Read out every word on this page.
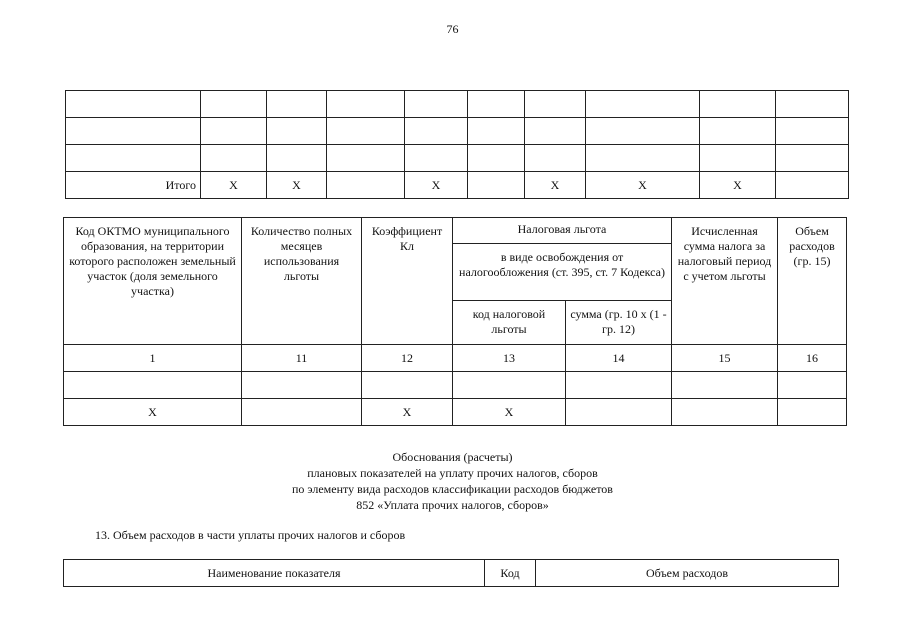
76

Итого	X	X		X		X	X	X	
Код ОКТМО муниципального образования, на территории которого расположен земельный участок (доля земельного участка)	Количество полных месяцев использования льготы	Коэффициент Кл	Налоговая льгота		Исчисленная сумма налога за налоговый период с учетом льготы	Объем расходов (гр. 15)
			в виде освобождения от налогообложения (ст. 395, ст. 7 Кодекса)			
			код налоговой льготы	сумма (гр. 10 х (1 - гр. 12)		
1	11	12	13	14	15	16

X		X	X			
Обоснования (расчеты)
плановых показателей на уплату прочих налогов, сборов
по элементу вида расходов классификации расходов бюджетов
852 «Уплата прочих налогов, сборов»
13. Объем расходов в части уплаты прочих налогов и сборов
Наименование показателя	Код	Объем расходов
